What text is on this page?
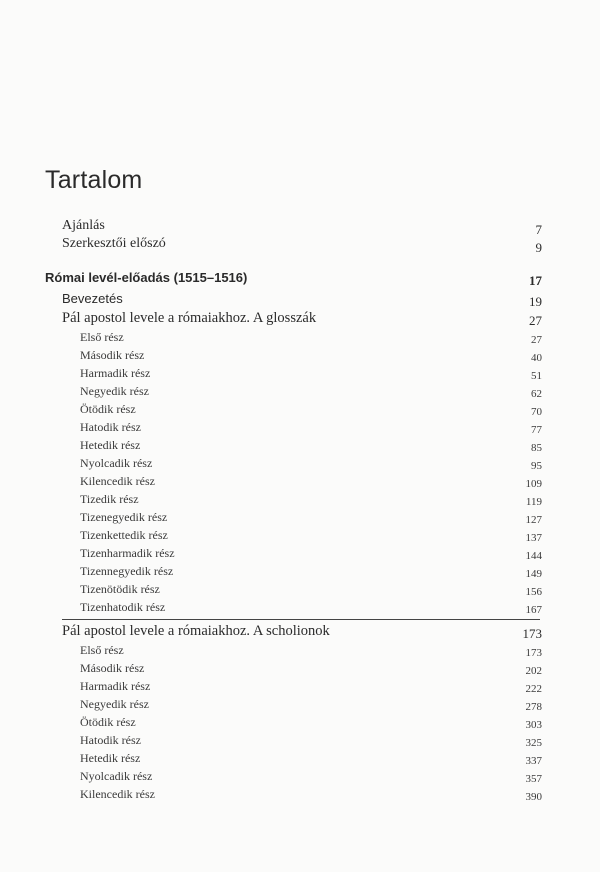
Tartalom
Ajánlás	7
Szerkesztői előszó	9
Római levél-előadás (1515–1516)	17
Bevezetés	19
Pál apostol levele a rómaiakhoz. A glosszák	27
Első rész	27
Második rész	40
Harmadik rész	51
Negyedik rész	62
Ötödik rész	70
Hatodik rész	77
Hetedik rész	85
Nyolcadik rész	95
Kilencedik rész	109
Tizedik rész	119
Tizenegyedik rész	127
Tizenkettedik rész	137
Tizenharmadik rész	144
Tizennegyedik rész	149
Tizenötödik rész	156
Tizenhatodik rész	167
Pál apostol levele a rómaiakhoz. A scholionok	173
Első rész	173
Második rész	202
Harmadik rész	222
Negyedik rész	278
Ötödik rész	303
Hatodik rész	325
Hetedik rész	337
Nyolcadik rész	357
Kilencedik rész	390
